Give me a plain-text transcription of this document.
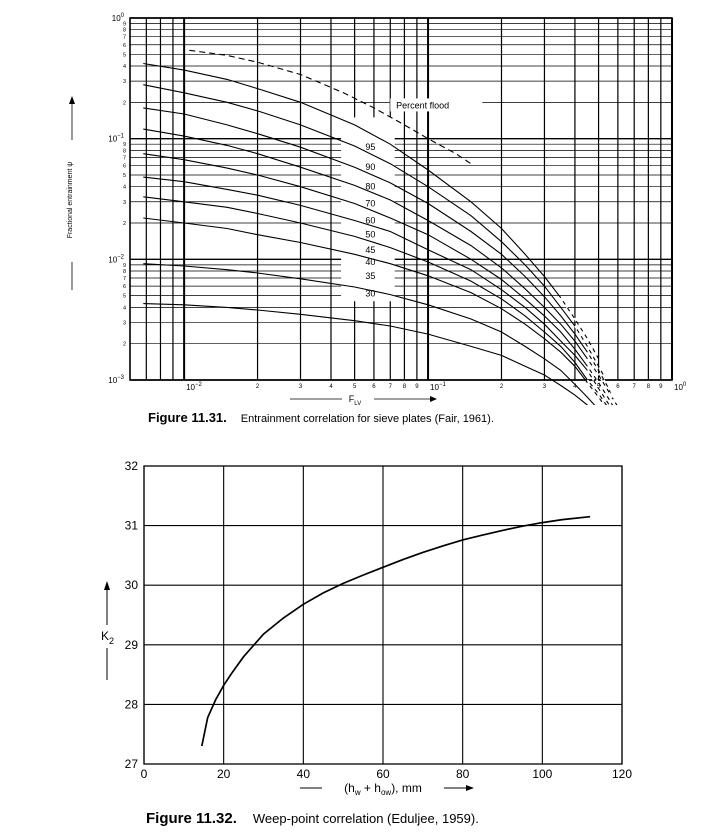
95
90
80
70
60
50
45
40
35
30
Percent flood
$10^{-2}$	$10^{-1}$	$10^0$
2	3	4	5	6 7 8 9	2	3	4	5	6 7 8 9
$10^0$
$10^{-1}$
$10^{-2}$
$10^{-3}$
9
8
7
6
5
4
3
2
9
8
7
6
5
4
3
2
9
8
7
6
5
4
3
2
$F_{LV}$
Fractional entrainment ψ
Figure 11.31. Entrainment correlation for sieve plates (Fair, 1961).
0	20	40	60	80	100	120
27
28
29
30
31
32
$K_2$
$(h_w + h_{ow})$, mm
Figure 11.32. Weep-point correlation (Eduljee, 1959).
